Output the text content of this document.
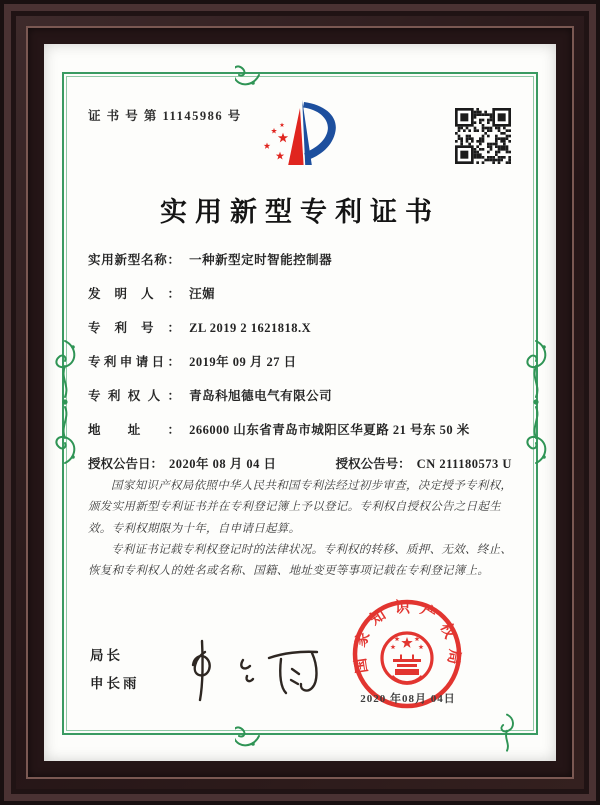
证 书 号 第 11145986 号
实用新型专利证书
实用新型名称： 一种新型定时智能控制器
发明人： 汪媚
专利号： ZL 2019 2 1621818.X
专利申请日： 2019年 09 月 27 日
专利权人： 青岛科旭德电气有限公司
地址： 266000 山东省青岛市城阳区华夏路 21 号东 50 米
授权公告日： 2020年 08 月 04 日	授权公告号： CN 211180573 U

国家知识产权局依照中华人民共和国专利法经过初步审查，决定授予专利权，颁发实用新型专利证书并在专利登记簿上予以登记。专利权自授权公告之日起生效。专利权期限为十年，自申请日起算。

专利证书记载专利权登记时的法律状况。专利权的转移、质押、无效、终止、恢复和专利权人的姓名或名称、国籍、地址变更等事项记载在专利登记簿上。

局长
申长雨
国家知识产权局
2020 年08月 04日
